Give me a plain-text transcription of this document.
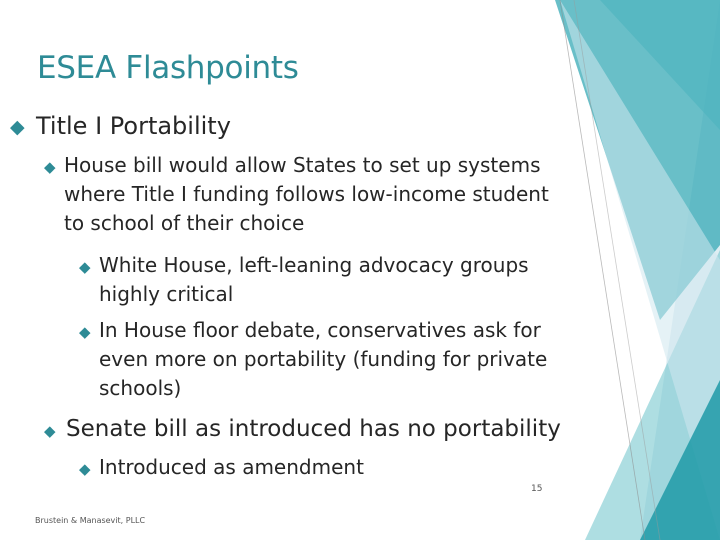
ESEA Flashpoints
◆ Title I Portability
◆ House bill would allow States to set up systems where Title I funding follows low-income student to school of their choice
◆ White House, left-leaning advocacy groups highly critical
◆ In House floor debate, conservatives ask for even more on portability (funding for private schools)
◆ Senate bill as introduced has no portability
◆ Introduced as amendment
15
Brustein & Manasevit, PLLC
